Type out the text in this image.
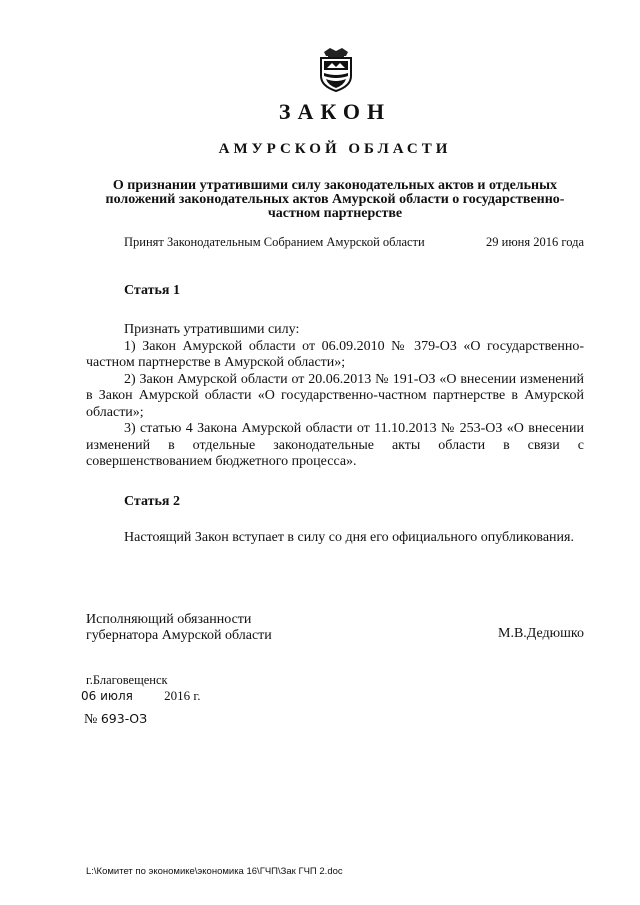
ЗАКОН
АМУРСКОЙ ОБЛАСТИ
О признании утратившими силу законодательных актов и отдельных
положений законодательных актов Амурской области о государственно-
частном партнерстве
Принят Законодательным Собранием Амурской области	29 июня 2016 года
Статья 1

Признать утратившими силу:

1) Закон Амурской области от 06.09.2010 № 379-ОЗ «О государственно-частном партнерстве в Амурской области»;

2) Закон Амурской области от 20.06.2013 № 191-ОЗ «О внесении изменений в Закон Амурской области «О государственно-частном партнерстве в Амурской области»;

3) статью 4 Закона Амурской области от 11.10.2013 № 253-ОЗ «О внесении изменений в отдельные законодательные акты области в связи с совершенствованием бюджетного процесса».

Статья 2

Настоящий Закон вступает в силу со дня его официального опубликования.

Исполняющий обязанности
губернатора Амурской области	М.В.Дедюшко
г.Благовещенск
06 июля 2016 г.
№ 693-ОЗ
L:\Комитет по экономике\экономика 16\ГЧП\Зак ГЧП 2.doc
